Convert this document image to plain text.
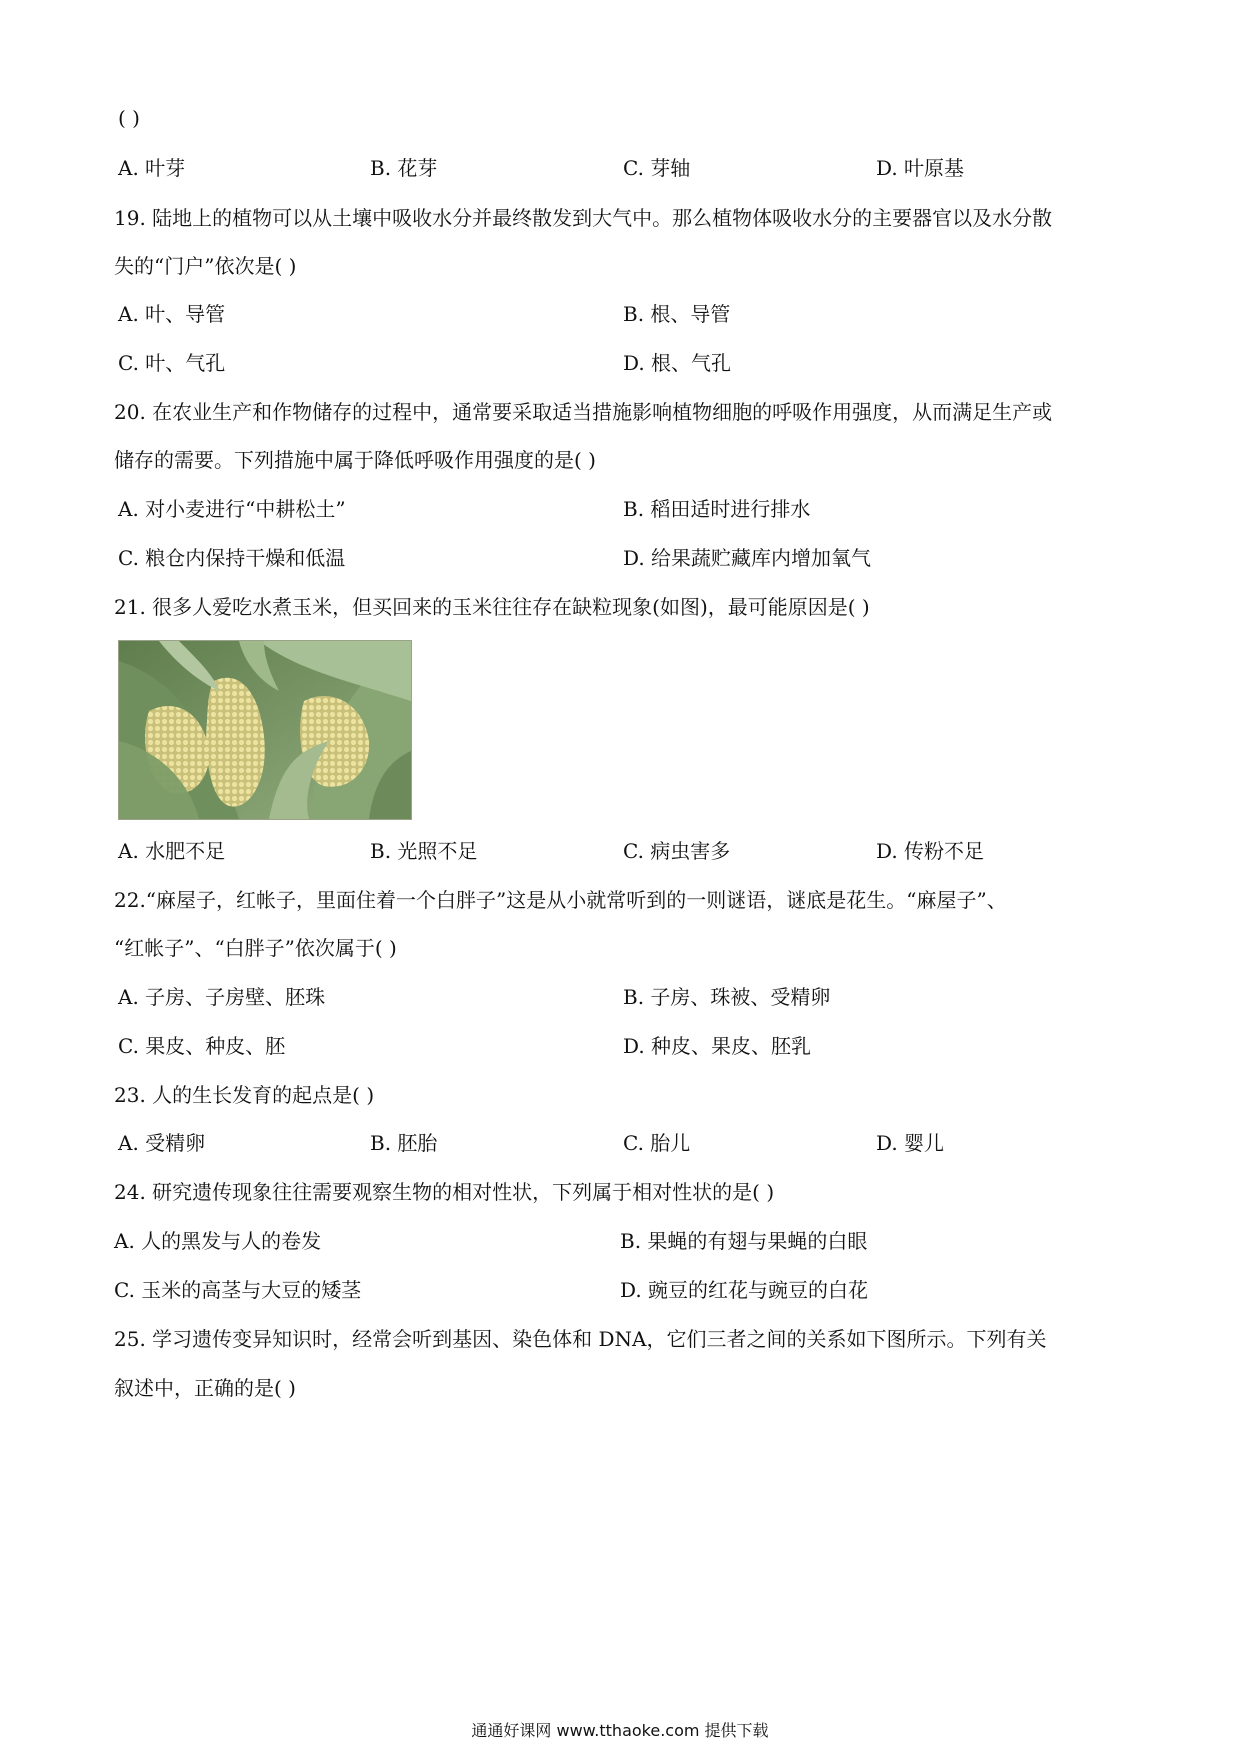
( )
A. 叶芽	B. 花芽	C. 芽轴	D. 叶原基
19. 陆地上的植物可以从土壤中吸收水分并最终散发到大气中。那么植物体吸收水分的主要器官以及水分散
失的“门户”依次是( )
A. 叶、导管	B. 根、导管
C. 叶、气孔	D. 根、气孔
20. 在农业生产和作物储存的过程中，通常要采取适当措施影响植物细胞的呼吸作用强度，从而满足生产或
储存的需要。下列措施中属于降低呼吸作用强度的是( )
A. 对小麦进行“中耕松土”	B. 稻田适时进行排水
C. 粮仓内保持干燥和低温	D. 给果蔬贮藏库内增加氧气
21. 很多人爱吃水煮玉米，但买回来的玉米往往存在缺粒现象(如图)，最可能原因是( )
A. 水肥不足	B. 光照不足	C. 病虫害多	D. 传粉不足
22.“麻屋子，红帐子，里面住着一个白胖子”这是从小就常听到的一则谜语，谜底是花生。“麻屋子”、
“红帐子”、“白胖子”依次属于( )
A. 子房、子房壁、胚珠	B. 子房、珠被、受精卵
C. 果皮、种皮、胚	D. 种皮、果皮、胚乳
23. 人的生长发育的起点是( )
A. 受精卵	B. 胚胎	C. 胎儿	D. 婴儿
24. 研究遗传现象往往需要观察生物的相对性状，下列属于相对性状的是( )
A. 人的黑发与人的卷发	B. 果蝇的有翅与果蝇的白眼
C. 玉米的高茎与大豆的矮茎	D. 豌豆的红花与豌豆的白花
25. 学习遗传变异知识时，经常会听到基因、染色体和 DNA，它们三者之间的关系如下图所示。下列有关
叙述中，正确的是( )
通通好课网 www.tthaoke.com 提供下载
